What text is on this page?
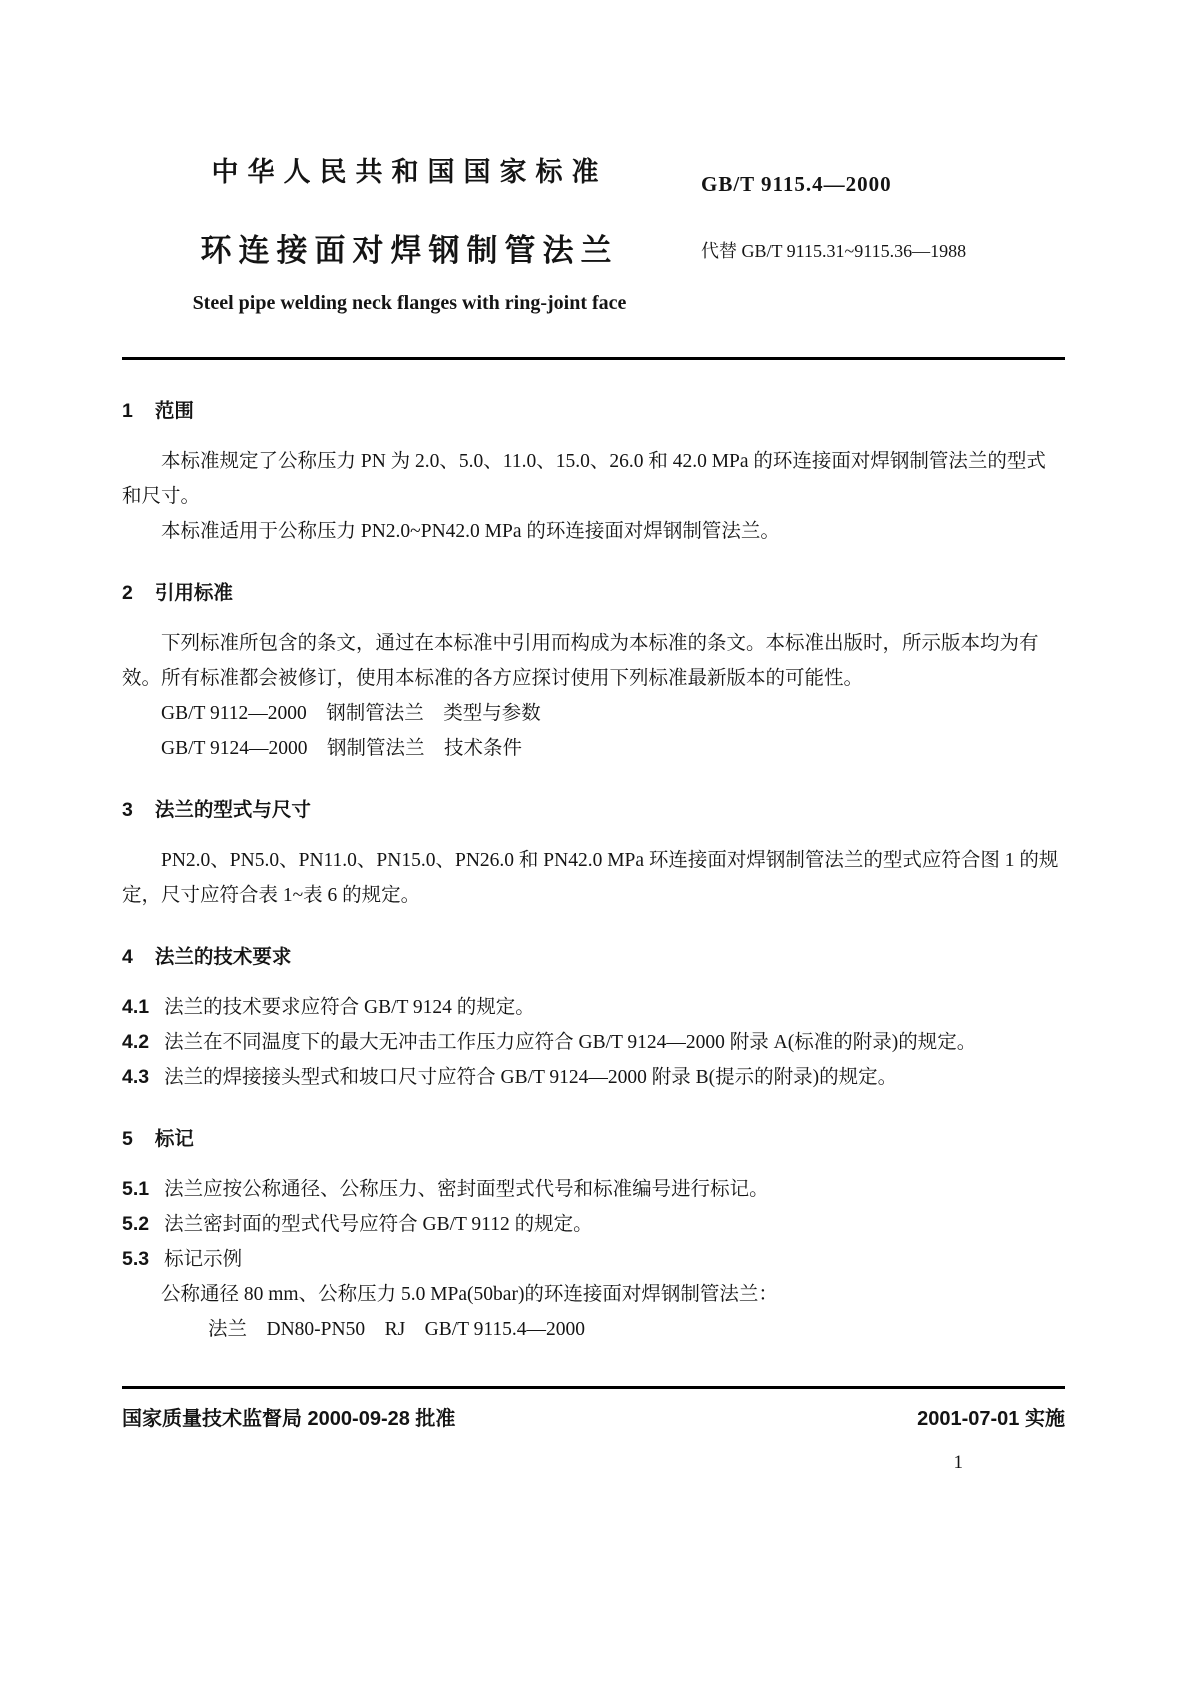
中华人民共和国国家标准	GB/T 9115.4—2000
环连接面对焊钢制管法兰	代替 GB/T 9115.31~9115.36—1988
Steel pipe welding neck flanges with ring-joint face
1 范围

本标准规定了公称压力 PN 为 2.0、5.0、11.0、15.0、26.0 和 42.0 MPa 的环连接面对焊钢制管法兰的型式和尺寸。

本标准适用于公称压力 PN2.0~PN42.0 MPa 的环连接面对焊钢制管法兰。

2 引用标准

下列标准所包含的条文，通过在本标准中引用而构成为本标准的条文。本标准出版时，所示版本均为有效。所有标准都会被修订，使用本标准的各方应探讨使用下列标准最新版本的可能性。

GB/T 9112—2000　钢制管法兰　类型与参数

GB/T 9124—2000　钢制管法兰　技术条件

3 法兰的型式与尺寸

PN2.0、PN5.0、PN11.0、PN15.0、PN26.0 和 PN42.0 MPa 环连接面对焊钢制管法兰的型式应符合图 1 的规定，尺寸应符合表 1~表 6 的规定。

4 法兰的技术要求

4.1 法兰的技术要求应符合 GB/T 9124 的规定。

4.2 法兰在不同温度下的最大无冲击工作压力应符合 GB/T 9124—2000 附录 A(标准的附录)的规定。

4.3 法兰的焊接接头型式和坡口尺寸应符合 GB/T 9124—2000 附录 B(提示的附录)的规定。

5 标记

5.1 法兰应按公称通径、公称压力、密封面型式代号和标准编号进行标记。

5.2 法兰密封面的型式代号应符合 GB/T 9112 的规定。

5.3 标记示例

公称通径 80 mm、公称压力 5.0 MPa(50bar)的环连接面对焊钢制管法兰：

法兰　DN80-PN50　RJ　GB/T 9115.4—2000

国家质量技术监督局 2000-09-28 批准	2001-07-01 实施
1
